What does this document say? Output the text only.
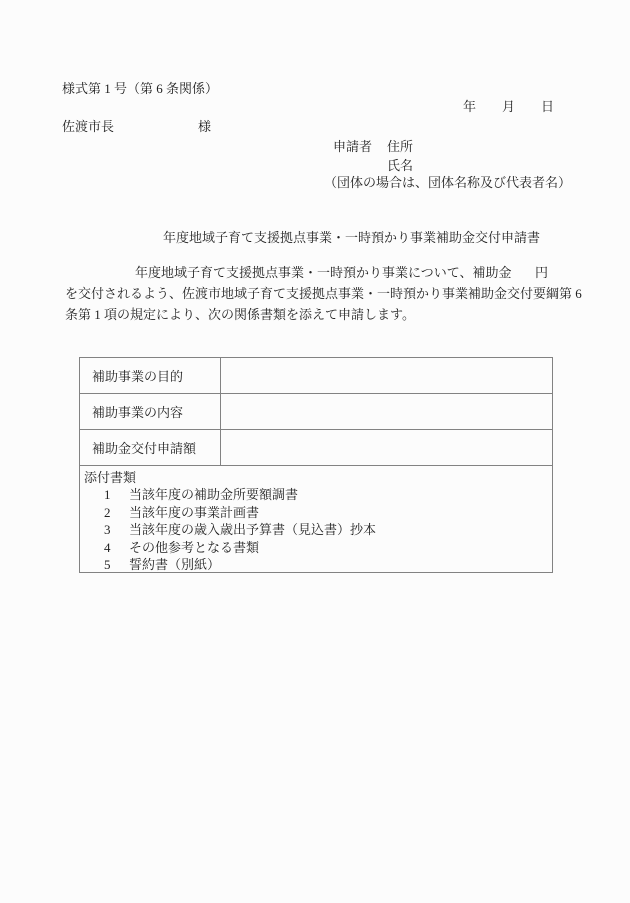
様式第 1 号（第 6 条関係）
年　　月　　日
佐渡市長	様
申請者 住所
氏名
（団体の場合は、団体名称及び代表者名）
年度地域子育て支援拠点事業・一時預かり事業補助金交付申請書
年度地域子育て支援拠点事業・一時預かり事業について、補助金 円
を交付されるよう、佐渡市地域子育て支援拠点事業・一時預かり事業補助金交付要綱第 6
条第 1 項の規定により、次の関係書類を添えて申請します。
補助事業の目的
補助事業の内容
補助金交付申請額
添付書類
1	当該年度の補助金所要額調書
2	当該年度の事業計画書
3	当該年度の歳入歳出予算書（見込書）抄本
4	その他参考となる書類
5	誓約書（別紙）
